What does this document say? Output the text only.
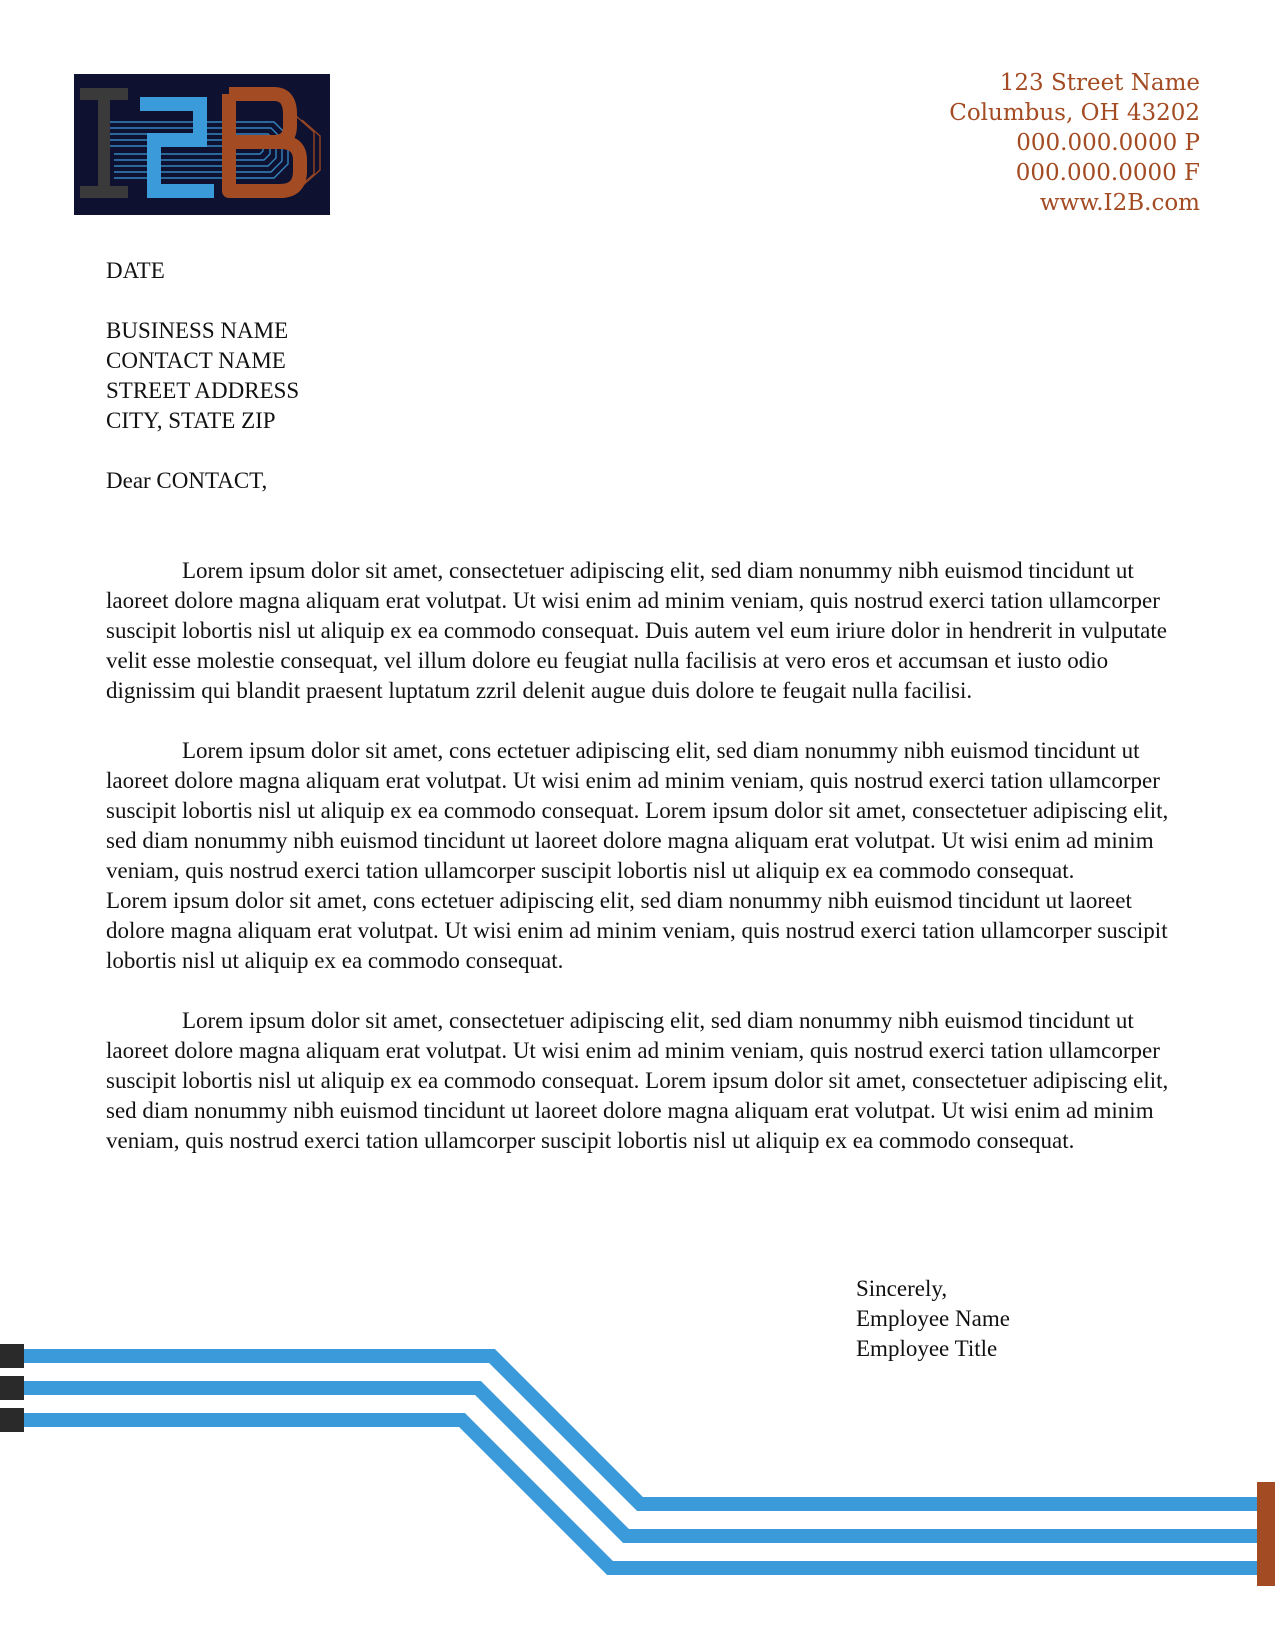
123 Street Name
Columbus, OH 43202
000.000.0000 P
000.000.0000 F
www.I2B.com

DATE

BUSINESS NAME

CONTACT NAME

STREET ADDRESS

CITY, STATE ZIP

Dear CONTACT,

Lorem ipsum dolor sit amet, consectetuer adipiscing elit, sed diam nonummy nibh euismod tincidunt ut laoreet dolore magna aliquam erat volutpat. Ut wisi enim ad minim veniam, quis nostrud exerci tation ullamcorper suscipit lobortis nisl ut aliquip ex ea commodo consequat. Duis autem vel eum iriure dolor in hendrerit in vulputate velit esse molestie consequat, vel illum dolore eu feugiat nulla facilisis at vero eros et accumsan et iusto odio dignissim qui blandit praesent luptatum zzril delenit augue duis dolore te feugait nulla facilisi.

Lorem ipsum dolor sit amet, cons ectetuer adipiscing elit, sed diam nonummy nibh euismod tincidunt ut laoreet dolore magna aliquam erat volutpat. Ut wisi enim ad minim veniam, quis nostrud exerci tation ullamcorper suscipit lobortis nisl ut aliquip ex ea commodo consequat. Lorem ipsum dolor sit amet, consectetuer adipiscing elit, sed diam nonummy nibh euismod tincidunt ut laoreet dolore magna aliquam erat volutpat. Ut wisi enim ad minim veniam, quis nostrud exerci tation ullamcorper suscipit lobortis nisl ut aliquip ex ea commodo consequat.

Lorem ipsum dolor sit amet, cons ectetuer adipiscing elit, sed diam nonummy nibh euismod tincidunt ut laoreet dolore magna aliquam erat volutpat. Ut wisi enim ad minim veniam, quis nostrud exerci tation ullamcorper suscipit lobortis nisl ut aliquip ex ea commodo consequat.

Lorem ipsum dolor sit amet, consectetuer adipiscing elit, sed diam nonummy nibh euismod tincidunt ut laoreet dolore magna aliquam erat volutpat. Ut wisi enim ad minim veniam, quis nostrud exerci tation ullamcorper suscipit lobortis nisl ut aliquip ex ea commodo consequat. Lorem ipsum dolor sit amet, consectetuer adipiscing elit, sed diam nonummy nibh euismod tincidunt ut laoreet dolore magna aliquam erat volutpat. Ut wisi enim ad minim veniam, quis nostrud exerci tation ullamcorper suscipit lobortis nisl ut aliquip ex ea commodo consequat.

Sincerely,
Employee Name
Employee Title
